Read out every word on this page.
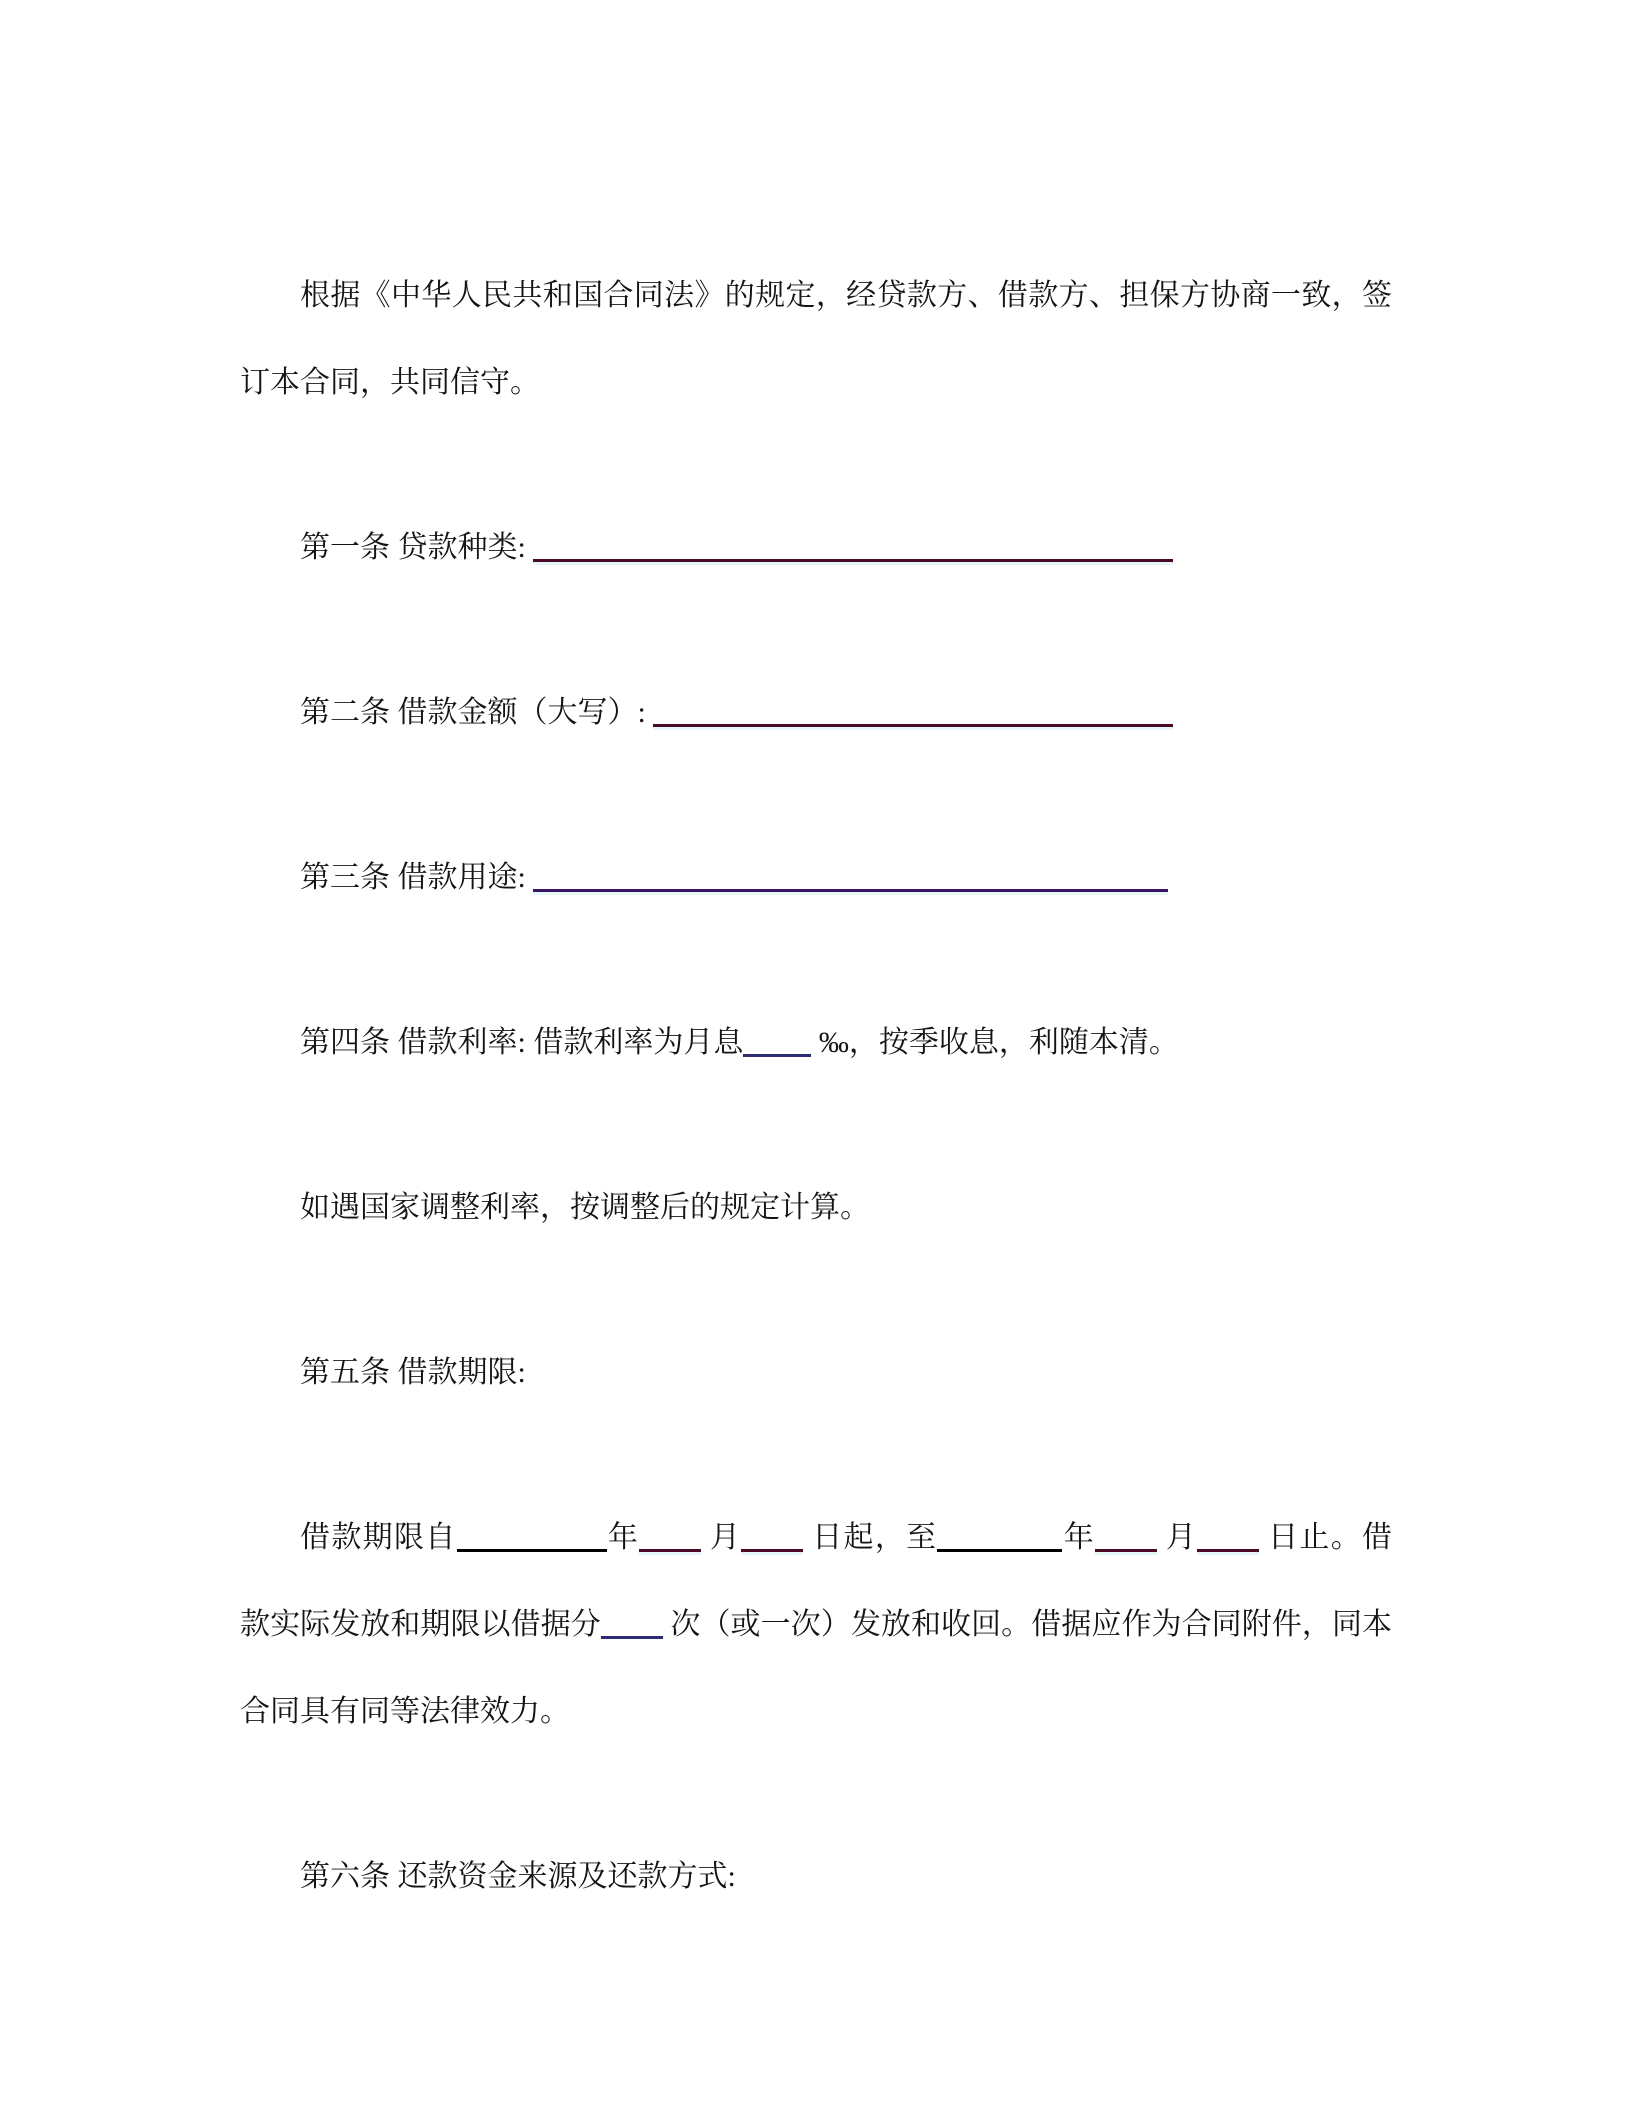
根据《中华人民共和国合同法》的规定，经贷款方、借款方、担保方协商一致，签订本合同，共同信守。

第一条 贷款种类:

第二条 借款金额（大写）:

第三条 借款用途:

第四条 借款利率: 借款利率为月息 ‰，按季收息，利随本清。

如遇国家调整利率，按调整后的规定计算。

第五条 借款期限:

借款期限自	年 月 日起，至	年 月 日止。借款实际发放和期限以借据分 次（或一次）发放和收回。借据应作为合同附件，同本合同具有同等法律效力。

第六条 还款资金来源及还款方式:
